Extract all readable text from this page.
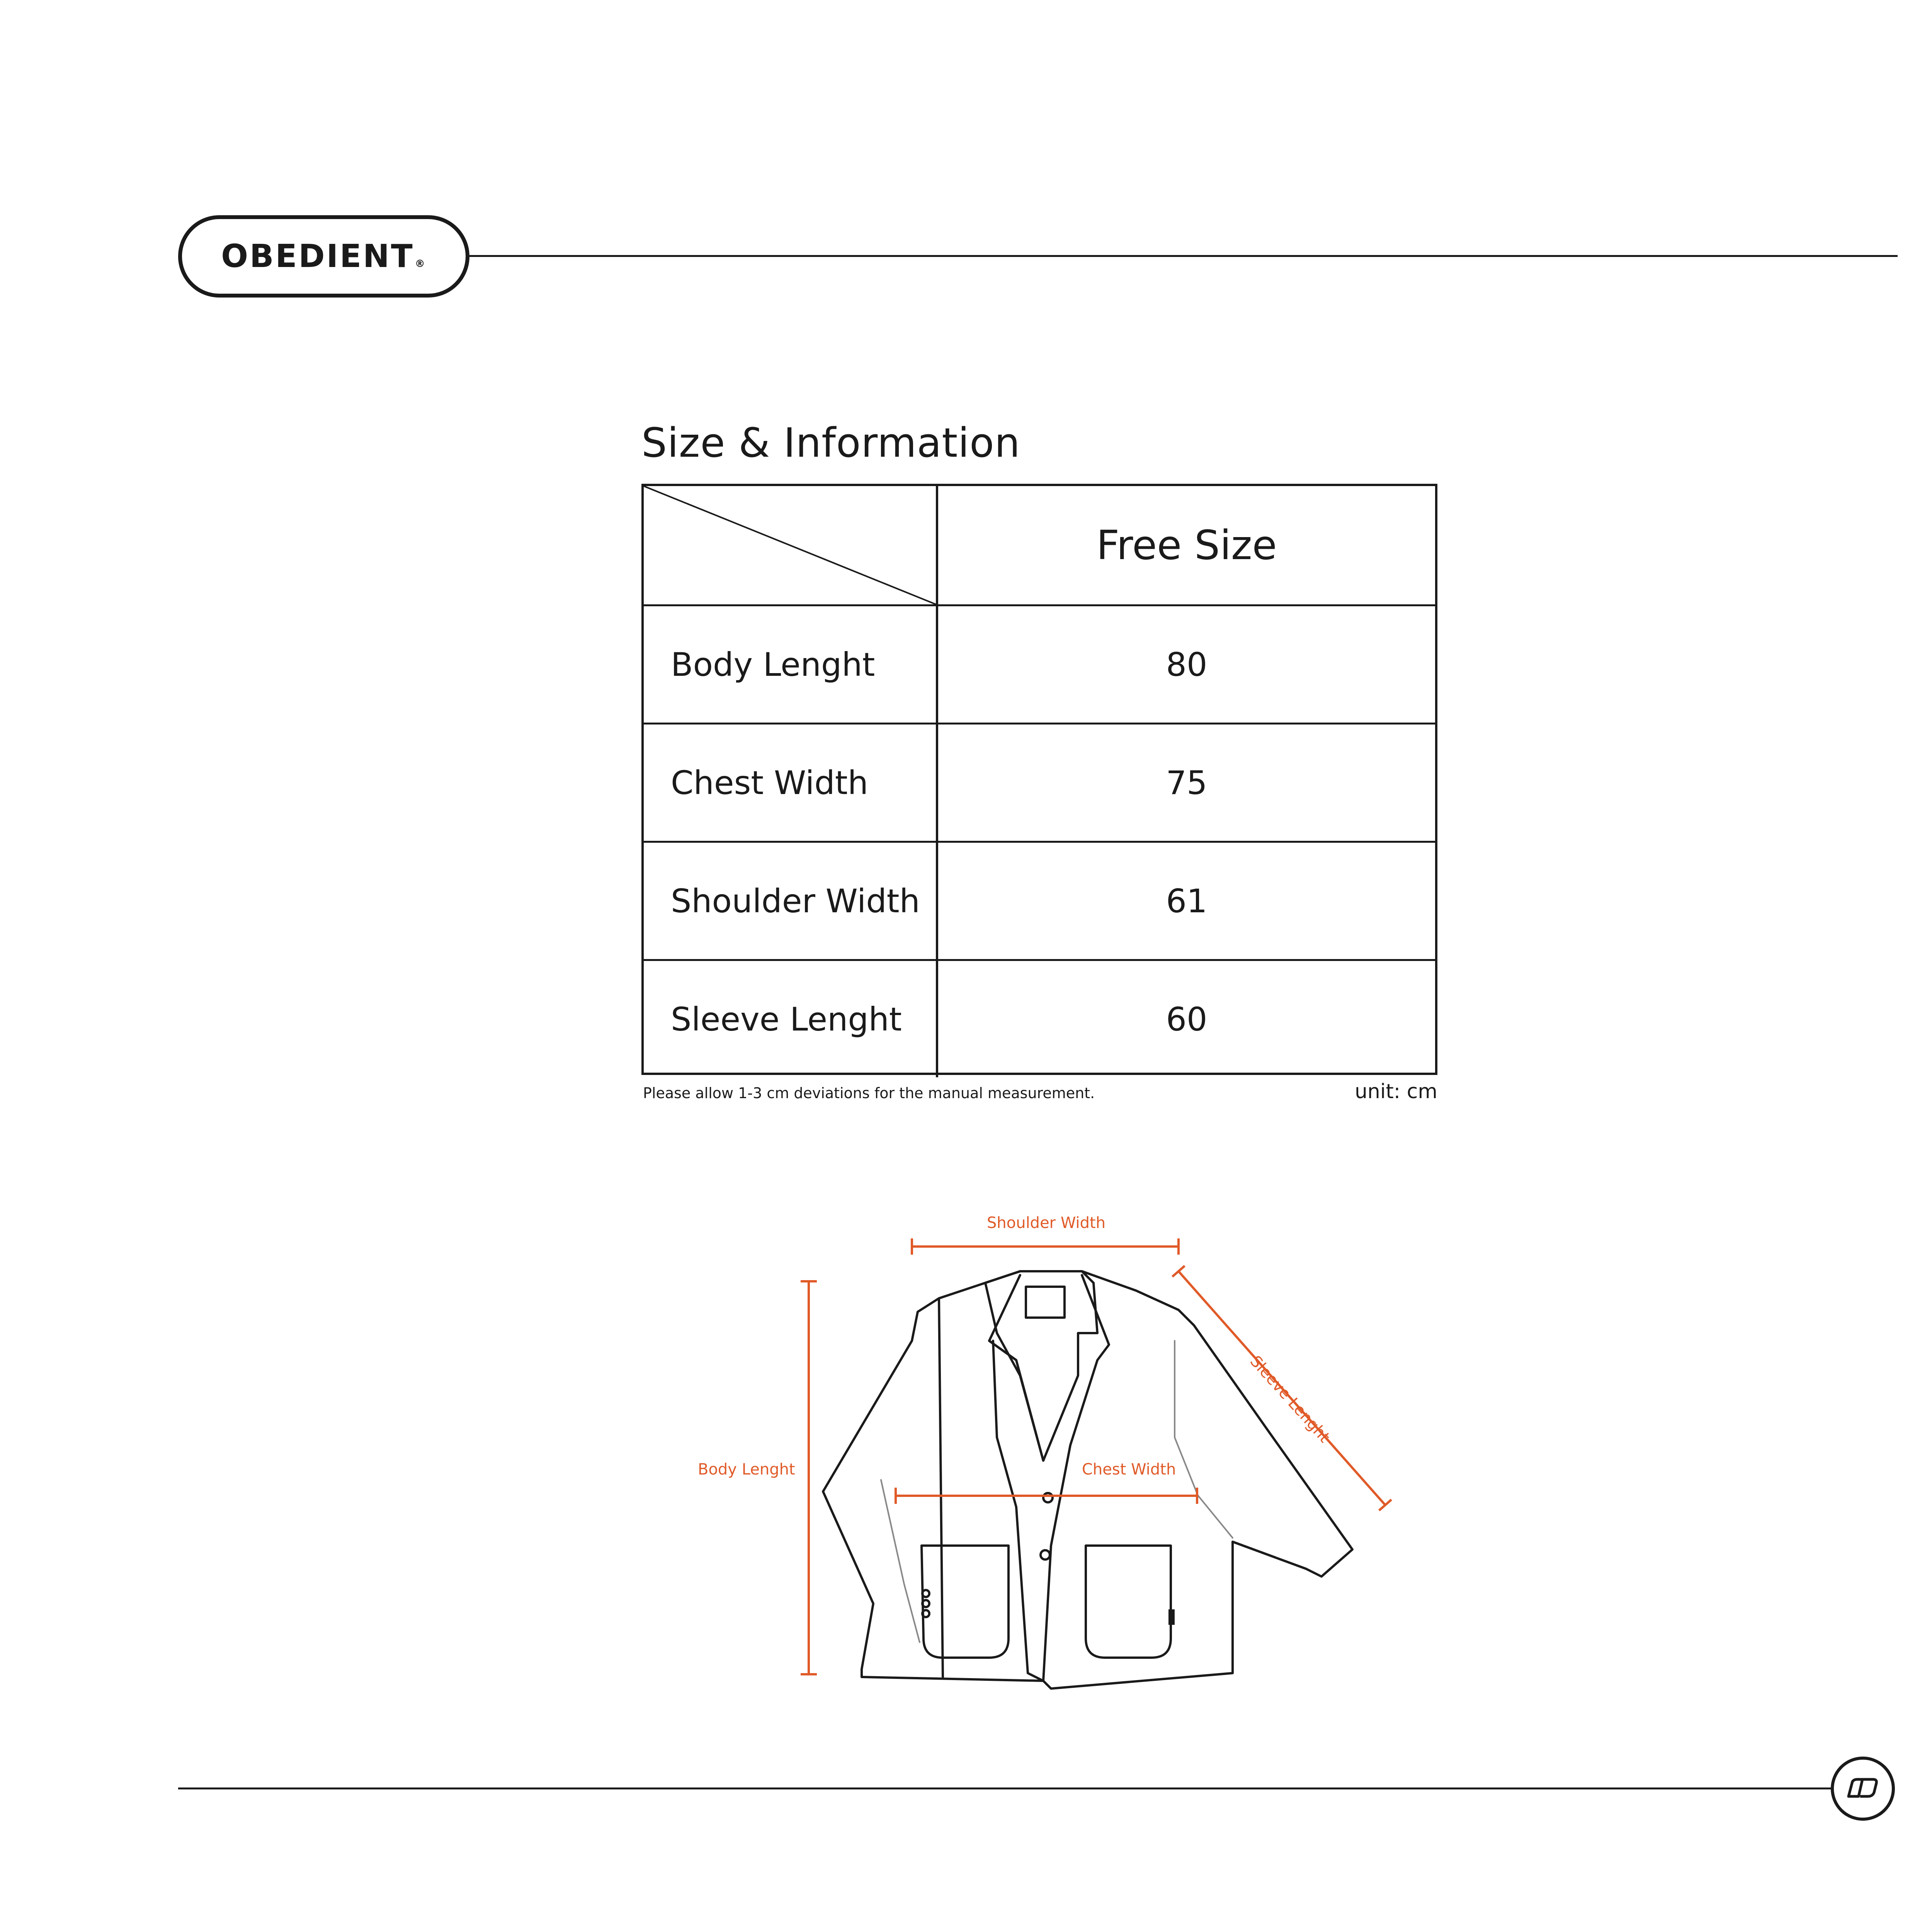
OBEDIENT®
Size & Information
Free Size
Body Lenght	80
Chest Width	75
Shoulder Width	61
Sleeve Lenght	60
Please allow 1-3 cm deviations for the manual measurement.	unit: cm
Shoulder Width
Sleeve Lenght
Body Lenght	Chest Width
